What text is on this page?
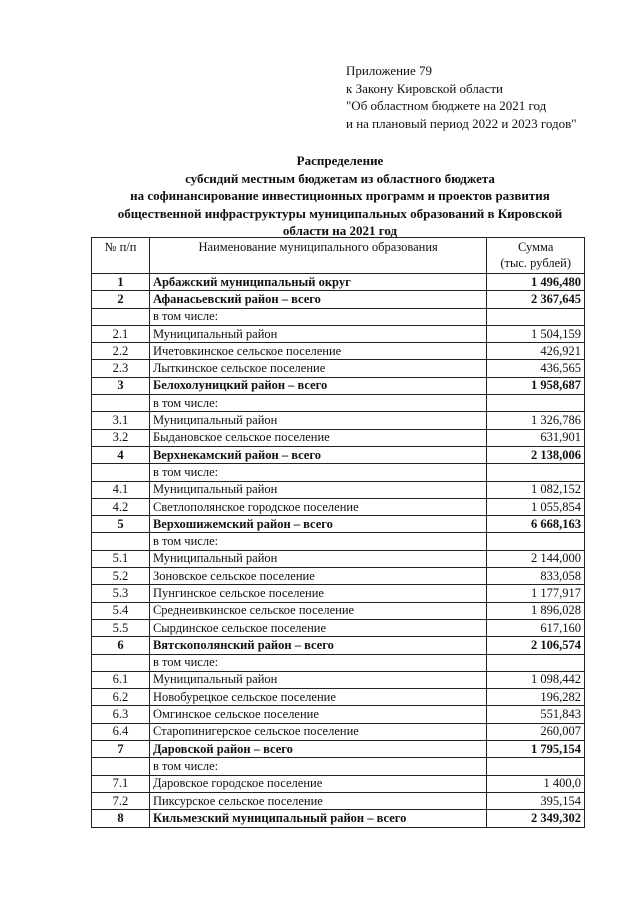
Приложение 79
к Закону Кировской области
"Об областном бюджете на 2021 год
и на плановый период 2022 и 2023 годов"
Распределение
субсидий местным бюджетам из областного бюджета
на софинансирование инвестиционных программ и проектов развития
общественной инфраструктуры муниципальных образований в Кировской
области на 2021 год
№ п/п	Наименование муниципального образования	Сумма
(тыс. рублей)
1	Арбажский муниципальный округ	1 496,480
2	Афанасьевский район – всего	2 367,645
	в том числе:	
2.1	Муниципальный район	1 504,159
2.2	Ичетовкинское сельское поселение	426,921
2.3	Лыткинское сельское поселение	436,565
3	Белохолуницкий район – всего	1 958,687
	в том числе:	
3.1	Муниципальный район	1 326,786
3.2	Быдановское сельское поселение	631,901
4	Верхнекамский район – всего	2 138,006
	в том числе:	
4.1	Муниципальный район	1 082,152
4.2	Светлополянское городское поселение	1 055,854
5	Верхошижемский район – всего	6 668,163
	в том числе:	
5.1	Муниципальный район	2 144,000
5.2	Зоновское сельское поселение	833,058
5.3	Пунгинское сельское поселение	1 177,917
5.4	Среднеивкинское сельское поселение	1 896,028
5.5	Сырдинское сельское поселение	617,160
6	Вятскополянский район – всего	2 106,574
	в том числе:	
6.1	Муниципальный район	1 098,442
6.2	Новобурецкое сельское поселение	196,282
6.3	Омгинское сельское поселение	551,843
6.4	Старопинигерское сельское поселение	260,007
7	Даровской район – всего	1 795,154
	в том числе:	
7.1	Даровское городское поселение	1 400,0
7.2	Пиксурское сельское поселение	395,154
8	Кильмезский муниципальный район – всего	2 349,302
